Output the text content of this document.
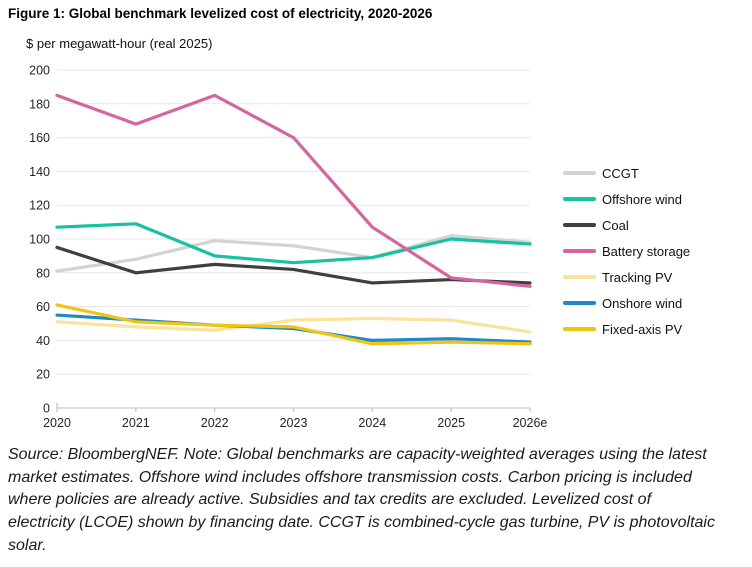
Figure 1: Global benchmark levelized cost of electricity, 2020-2026
$ per megawatt-hour (real 2025)
0
20
40
60
80
100
120
140
160
180
200
2020	2021	2022	2023	2024	2025	2026e
CCGT
Offshore wind
Coal
Battery storage
Tracking PV
Onshore wind
Fixed-axis PV
Source: BloombergNEF. Note: Global benchmarks are capacity-weighted averages using the latest market estimates. Offshore wind includes offshore transmission costs. Carbon pricing is included where policies are already active. Subsidies and tax credits are excluded. Levelized cost of electricity (LCOE) shown by financing date. CCGT is combined-cycle gas turbine, PV is photovoltaic solar.
